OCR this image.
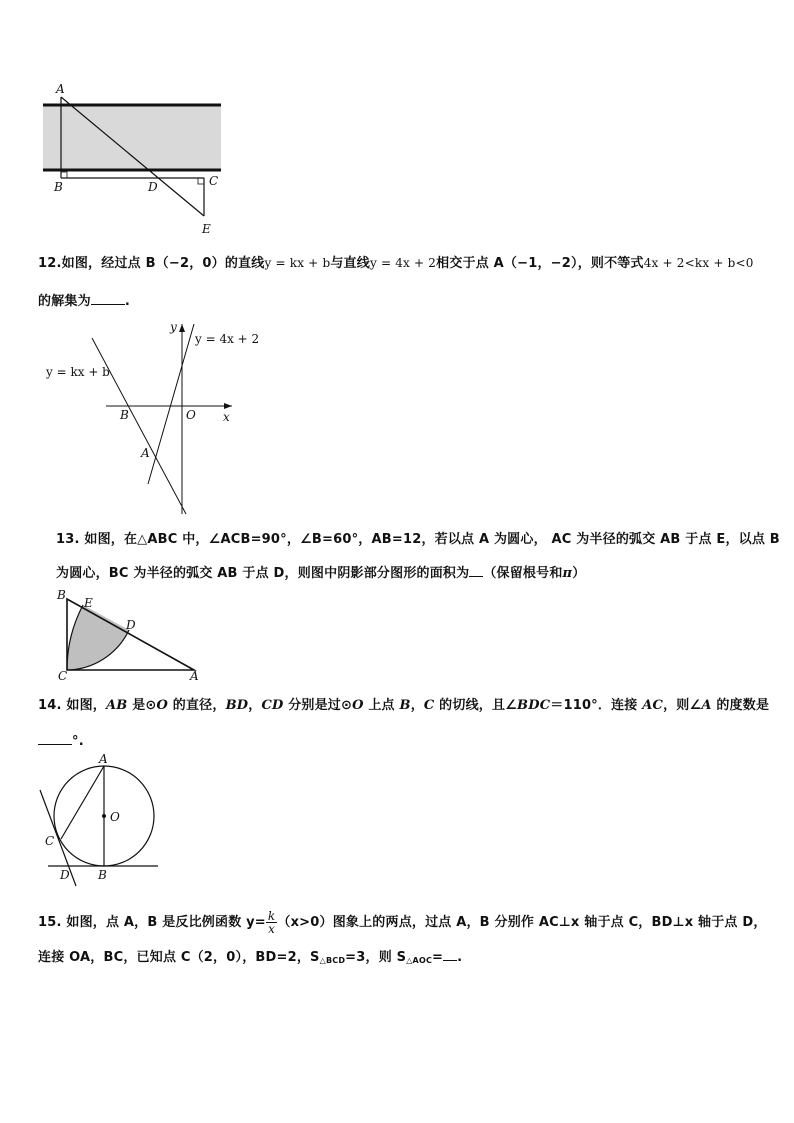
A
B	D	C
E
12.如图，经过点 B（−2，0）的直线y = kx + b与直线y = 4x + 2相交于点 A（−1，−2），则不等式4x + 2<kx + b<0
的解集为	.
y
x
O
B
A
y = 4x + 2
y = kx + b
13. 如图，在△ABC 中，∠ACB=90°，∠B=60°，AB=12，若以点 A 为圆心， AC 为半径的弧交 AB 于点 E，以点 B
为圆心，BC 为半径的弧交 AB 于点 D，则图中阴影部分图形的面积为 （保留根号和π）
B
E
D
C	A
14. 如图，AB 是⊙O 的直径，BD，CD 分别是过⊙O 上点 B，C 的切线，且∠BDC＝110°．连接 AC，则∠A 的度数是
°.
A
O
C
D B
15. 如图，点 A，B 是反比例函数 $y= \frac{k}{x} (x>0)$图象上的两点，过点 A，B 分别作 AC⊥x 轴于点 C，BD⊥x 轴于点 D，
连接 OA，BC，已知点 C（2，0），BD=2，$S_{\triangle BCD}=3$，则 $S_{\triangle AOC}=$ .
